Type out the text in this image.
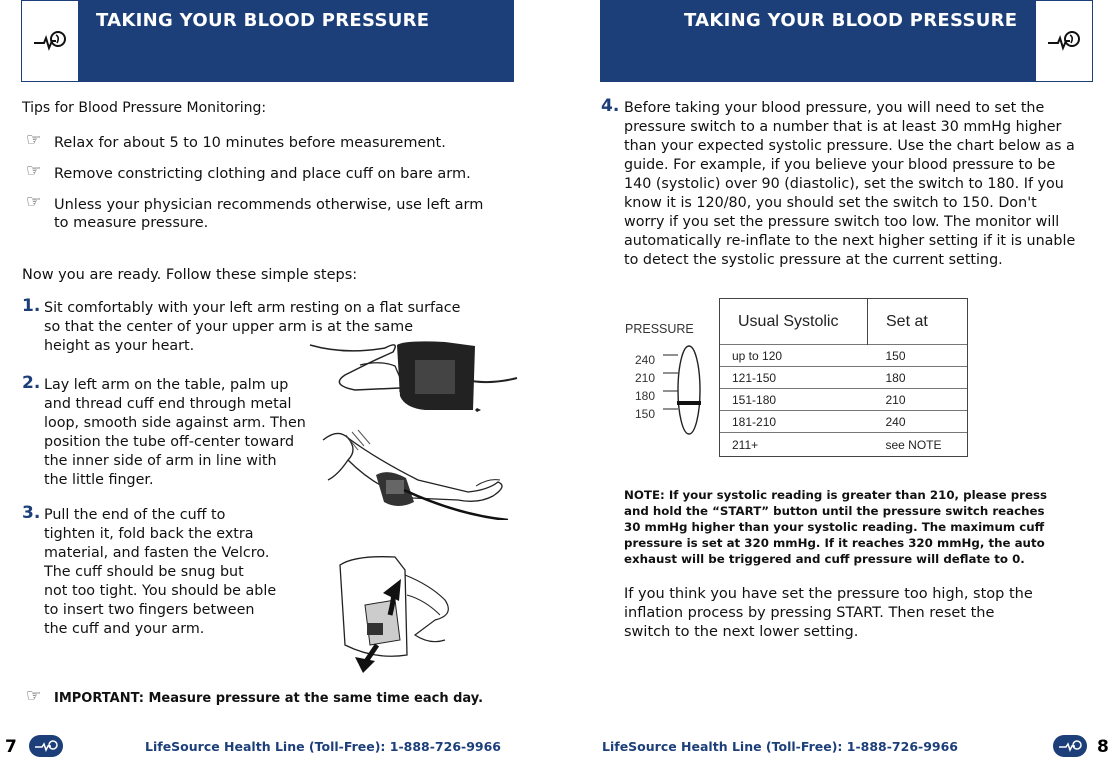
TAKING YOUR BLOOD PRESSURE
Tips for Blood Pressure Monitoring:
☞ Relax for about 5 to 10 minutes before measurement.
☞ Remove constricting clothing and place cuff on bare arm.
☞ Unless your physician recommends otherwise, use left arm
to measure pressure.
Now you are ready. Follow these simple steps:
1. Sit comfortably with your left arm resting on a flat surface
so that the center of your upper arm is at the same
height as your heart.
2. Lay left arm on the table, palm up
and thread cuff end through metal
loop, smooth side against arm. Then
position the tube off-center toward
the inner side of arm in line with
the little finger.
3. Pull the end of the cuff to
tighten it, fold back the extra
material, and fasten the Velcro.
The cuff should be snug but
not too tight. You should be able
to insert two fingers between
the cuff and your arm.
☞ IMPORTANT: Measure pressure at the same time each day.
7	LifeSource Health Line (Toll-Free): 1-888-726-9966
TAKING YOUR BLOOD PRESSURE
4. Before taking your blood pressure, you will need to set the
pressure switch to a number that is at least 30 mmHg higher
than your expected systolic pressure. Use the chart below as a
guide. For example, if you believe your blood pressure to be
140 (systolic) over 90 (diastolic), set the switch to 180. If you
know it is 120/80, you should set the switch to 150. Don't
worry if you set the pressure switch too low. The monitor will
automatically re-inflate to the next higher setting if it is unable
to detect the systolic pressure at the current setting.
PRESSURE
240
210
180
150
Usual Systolic	Set at
up to 120	150
121-150	180
151-180	210
181-210	240
211+	see NOTE
NOTE: If your systolic reading is greater than 210, please press
and hold the “START” button until the pressure switch reaches
30 mmHg higher than your systolic reading. The maximum cuff
pressure is set at 320 mmHg. If it reaches 320 mmHg, the auto
exhaust will be triggered and cuff pressure will deflate to 0.
If you think you have set the pressure too high, stop the
inflation process by pressing START. Then reset the
switch to the next lower setting.
LifeSource Health Line (Toll-Free): 1-888-726-9966	8
